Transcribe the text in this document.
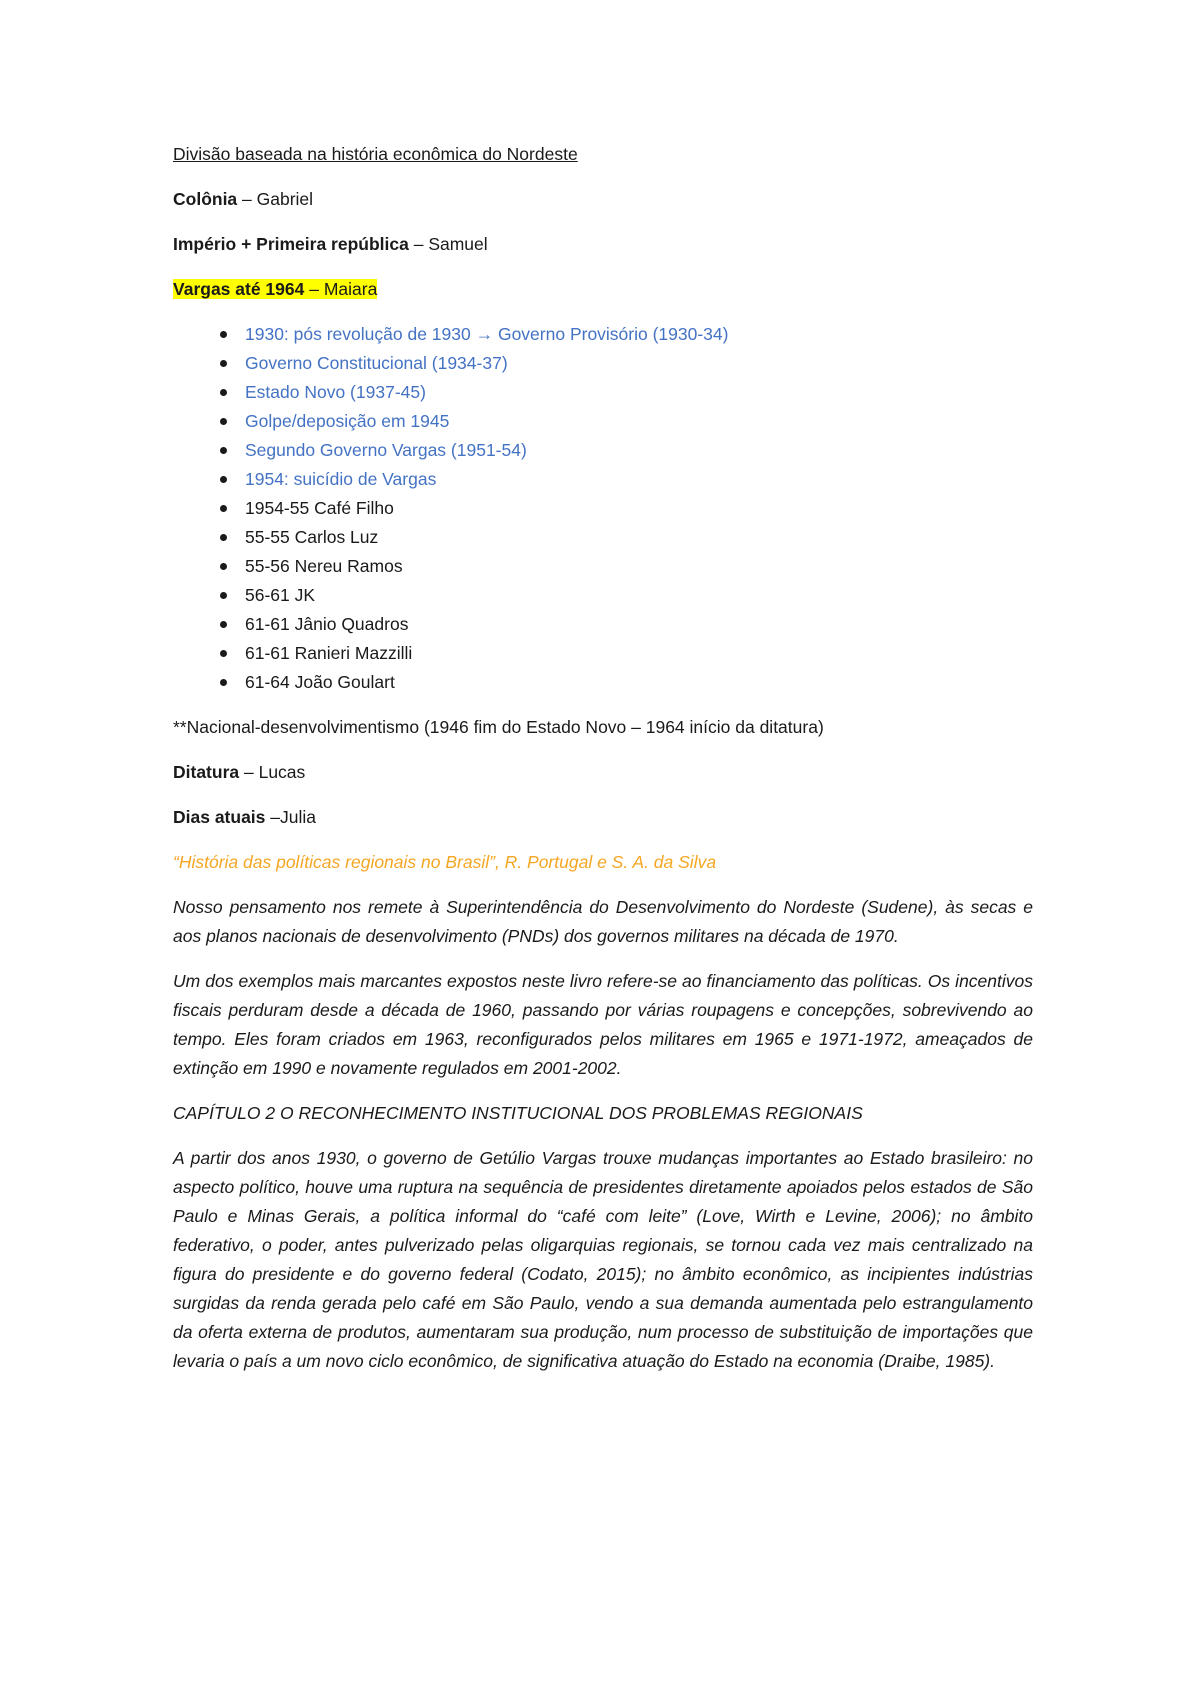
Divisão baseada na história econômica do Nordeste

Colônia – Gabriel

Império + Primeira república – Samuel

Vargas até 1964 – Maiara

1930: pós revolução de 1930 → Governo Provisório (1930-34)
Governo Constitucional (1934-37)
Estado Novo (1937-45)
Golpe/deposição em 1945
Segundo Governo Vargas (1951-54)
1954: suicídio de Vargas
1954-55 Café Filho
55-55 Carlos Luz
55-56 Nereu Ramos
56-61 JK
61-61 Jânio Quadros
61-61 Ranieri Mazzilli
61-64 João Goulart

**Nacional-desenvolvimentismo (1946 fim do Estado Novo – 1964 início da ditatura)

Ditatura – Lucas

Dias atuais –Julia

“História das políticas regionais no Brasil”, R. Portugal e S. A. da Silva

Nosso pensamento nos remete à Superintendência do Desenvolvimento do Nordeste (Sudene), às secas e aos planos nacionais de desenvolvimento (PNDs) dos governos militares na década de 1970.

Um dos exemplos mais marcantes expostos neste livro refere-se ao financiamento das políticas. Os incentivos fiscais perduram desde a década de 1960, passando por várias roupagens e concepções, sobrevivendo ao tempo. Eles foram criados em 1963, reconfigurados pelos militares em 1965 e 1971-1972, ameaçados de extinção em 1990 e novamente regulados em 2001-2002.

CAPÍTULO 2 O RECONHECIMENTO INSTITUCIONAL DOS PROBLEMAS REGIONAIS

A partir dos anos 1930, o governo de Getúlio Vargas trouxe mudanças importantes ao Estado brasileiro: no aspecto político, houve uma ruptura na sequência de presidentes diretamente apoiados pelos estados de São Paulo e Minas Gerais, a política informal do “café com leite” (Love, Wirth e Levine, 2006); no âmbito federativo, o poder, antes pulverizado pelas oligarquias regionais, se tornou cada vez mais centralizado na figura do presidente e do governo federal (Codato, 2015); no âmbito econômico, as incipientes indústrias surgidas da renda gerada pelo café em São Paulo, vendo a sua demanda aumentada pelo estrangulamento da oferta externa de produtos, aumentaram sua produção, num processo de substituição de importações que levaria o país a um novo ciclo econômico, de significativa atuação do Estado na economia (Draibe, 1985).
